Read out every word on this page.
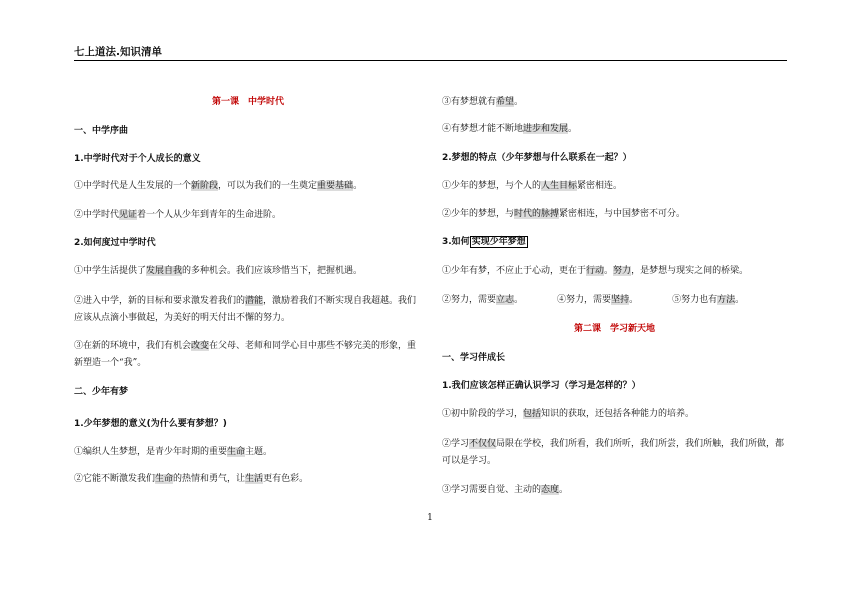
七上道法.知识清单
第一课　中学时代
一、中学序曲
1.中学时代对于个人成长的意义
①中学时代是人生发展的一个新阶段，可以为我们的一生奠定重要基础。
②中学时代见证着一个人从少年到青年的生命进阶。
2.如何度过中学时代
①中学生活提供了发展自我的多种机会。我们应该珍惜当下，把握机遇。
②进入中学，新的目标和要求激发着我们的潜能，激励着我们不断实现自我超越。我们应该从点滴小事做起，为美好的明天付出不懈的努力。
③在新的环境中，我们有机会改变在父母、老师和同学心目中那些不够完美的形象，重新塑造一个“我”。
二、少年有梦
1.少年梦想的意义(为什么要有梦想？)
①编织人生梦想，是青少年时期的重要生命主题。
②它能不断激发我们生命的热情和勇气，让生活更有色彩。
③有梦想就有希望。
④有梦想才能不断地进步和发展。
2.梦想的特点（少年梦想与什么联系在一起？）
①少年的梦想，与个人的人生目标紧密相连。
②少年的梦想，与时代的脉搏紧密相连，与中国梦密不可分。
3.如何 实现少年梦想
①少年有梦，不应止于心动，更在于行动。努力，是梦想与现实之间的桥梁。
②努力，需要立志。	④努力，需要坚持。	⑤努力也有方法。
第二课　学习新天地
一、学习伴成长
1.我们应该怎样正确认识学习（学习是怎样的？）
①初中阶段的学习，包括知识的获取，还包括各种能力的培养。
②学习不仅仅局限在学校，我们所看，我们所听，我们所尝，我们所触，我们所做，都可以是学习。
③学习需要自觉、主动的态度。
1
